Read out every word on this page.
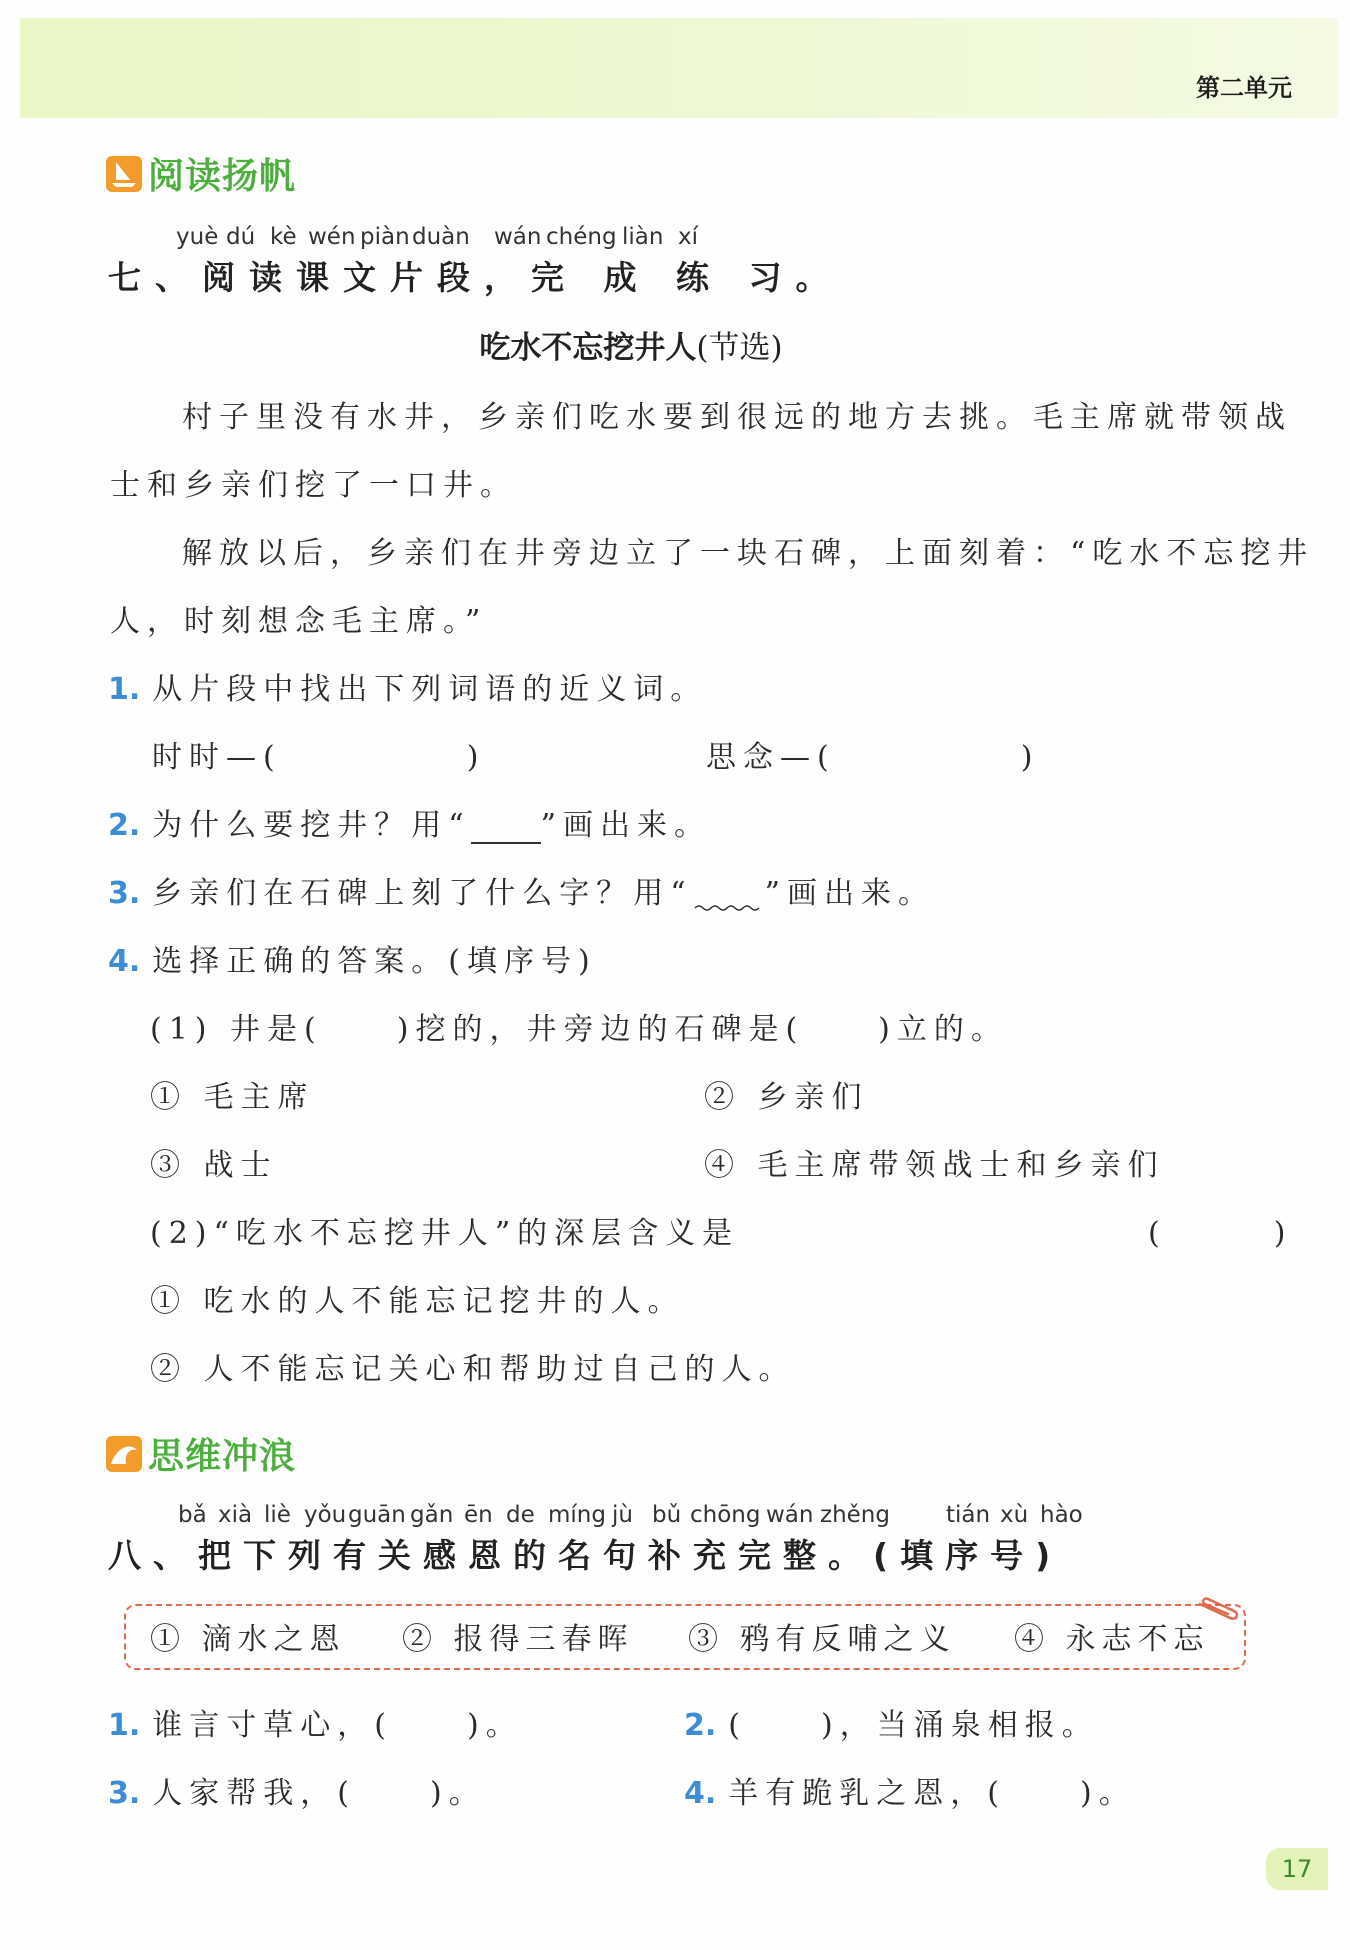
第二单元
阅读扬帆
yuè dú kè wén piàn duàn wán chéng liàn xí
七、阅读课文片段，完 成 练 习。
吃水不忘挖井人(节选)
村子里没有水井，乡亲们吃水要到很远的地方去挑。毛主席就带领战
士和乡亲们挖了一口井。
解放以后，乡亲们在井旁边立了一块石碑，上面刻着：“吃水不忘挖井
人，时刻想念毛主席。”
1. 从片段中找出下列词语的近义词。
时时—(　　　　　)	思念—(　　　　　)
2. 为什么要挖井？用“ ”画出来。
3. 乡亲们在石碑上刻了什么字？用“ ”画出来。
4. 选择正确的答案。(填序号)
(1) 井是(　　)挖的，井旁边的石碑是(　　)立的。
① 毛主席	② 乡亲们
③ 战士	④ 毛主席带领战士和乡亲们
(2)“吃水不忘挖井人”的深层含义是	(　　)
① 吃水的人不能忘记挖井的人。
② 人不能忘记关心和帮助过自己的人。
思维冲浪
bǎ xià liè yǒu guān gǎn ēn de míng jù bǔ chōng wán zhěng tián xù hào
八、把下列有关感恩的名句补充完整。(填序号)
① 滴水之恩 ② 报得三春晖 ③ 鸦有反哺之义 ④ 永志不忘
1. 谁言寸草心，(　　)。	2. (　　)，当涌泉相报。
3. 人家帮我，(　　)。	4. 羊有跪乳之恩，(　　)。
17
